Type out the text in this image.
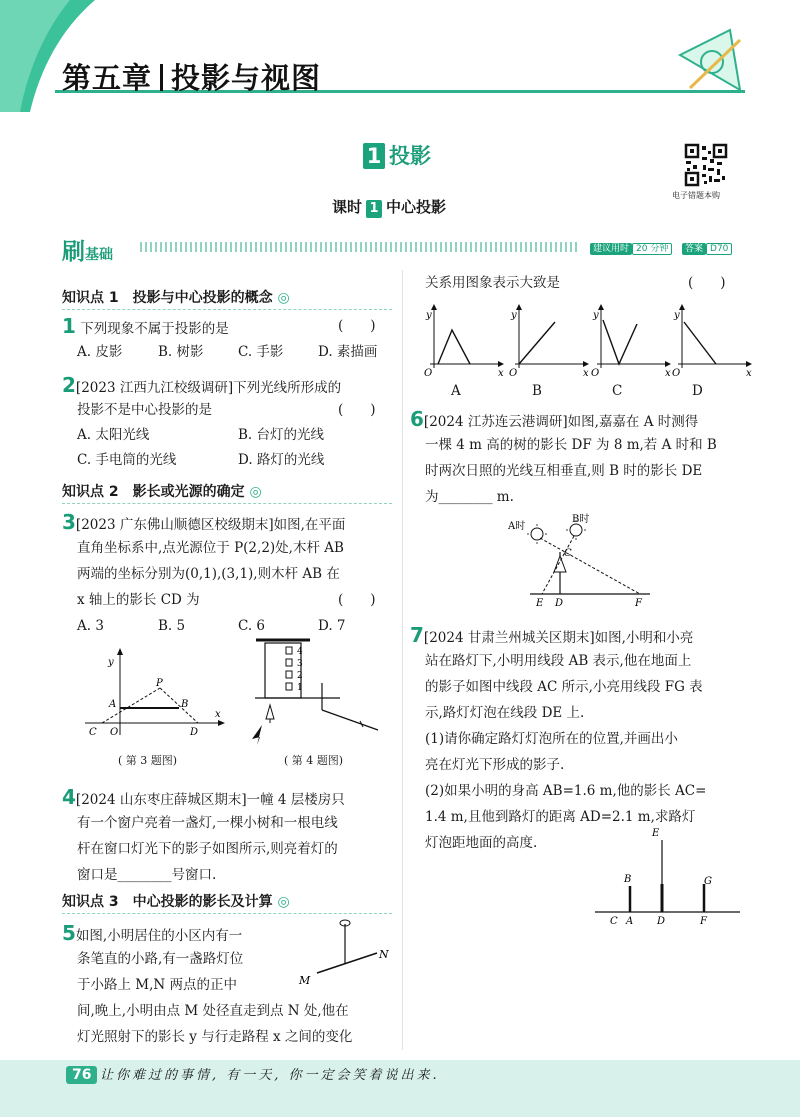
第五章 投影与视图
1 投影
课时 1 中心投影
电子错题本购
刷基础	建议用时 20 分钟	答案 D70
知识点 1　投影与中心投影的概念 ◎
1 下列现象不属于投影的是	(　　)
A. 皮影	B. 树影	C. 手影	D. 素描画
2[2023 江西九江校级调研]下列光线所形成的
投影不是中心投影的是	(　　)
A. 太阳光线	B. 台灯的光线
C. 手电筒的光线	D. 路灯的光线
知识点 2　影长或光源的确定 ◎
3[2023 广东佛山顺德区校级期末]如图,在平面
直角坐标系中,点光源位于 P(2,2)处,木杆 AB
两端的坐标分别为(0,1),(3,1),则木杆 AB 在
x 轴上的影长 CD 为	(　　)
A. 3	B. 5	C. 6	D. 7
y
x
A	B
P
C O	D
( 第 3 题图)
4
3
2
1
( 第 4 题图)
4[2024 山东枣庄薛城区期末]一幢 4 层楼房只
有一个窗户亮着一盏灯,一棵小树和一根电线
杆在窗口灯光下的影子如图所示,则亮着灯的
窗口是________号窗口.
知识点 3　中心投影的影长及计算 ◎
5如图,小明居住的小区内有一
条笔直的小路,有一盏路灯位
于小路上 M,N 两点的正中
间,晚上,小明由点 M 处径直走到点 N 处,他在
灯光照射下的影长 y 与行走路程 x 之间的变化
M
N
关系用图象表示大致是	(　　)
y
x
O
y
x
O
y
x
O
y
x
O
A	B	C	D
6[2024 江苏连云港调研]如图,嘉嘉在 A 时测得
一棵 4 m 高的树的影长 DF 为 8 m,若 A 时和 B
时两次日照的光线互相垂直,则 B 时的影长 DE
为________ m.
A时
B时
C
E D	F
7[2024 甘肃兰州城关区期末]如图,小明和小亮
站在路灯下,小明用线段 AB 表示,他在地面上
的影子如图中线段 AC 所示,小亮用线段 FG 表
示,路灯灯泡在线段 DE 上.
(1)请你确定路灯灯泡所在的位置,并画出小
亮在灯光下形成的影子.
(2)如果小明的身高 AB=1.6 m,他的影长 AC=
1.4 m,且他到路灯的距离 AD=2.1 m,求路灯
灯泡距地面的高度.
E
B	G
C A D	F
76 让你难过的事情, 有一天, 你一定会笑着说出来.
